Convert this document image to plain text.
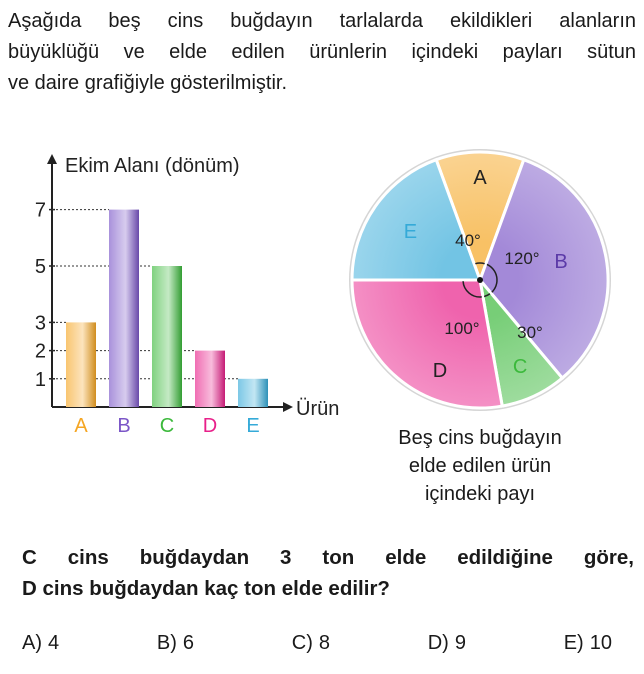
Aşağıda beş cins buğdayın tarlalarda ekildikleri alanların
büyüklüğü ve elde edilen ürünlerin içindeki payları sütun
ve daire grafiğiyle gösterilmiştir.
Ekim Alanı (dönüm)
Ürün
1
2
3
5
7
A B C D E
A
40°
B
120°
C
30°
D
100°
E
Beş cins buğdayın
elde edilen ürün
içindeki payı
C cins buğdaydan 3 ton elde edildiğine göre,
D cins buğdaydan kaç ton elde edilir?
A) 4	B) 6	C) 8	D) 9	E) 10
